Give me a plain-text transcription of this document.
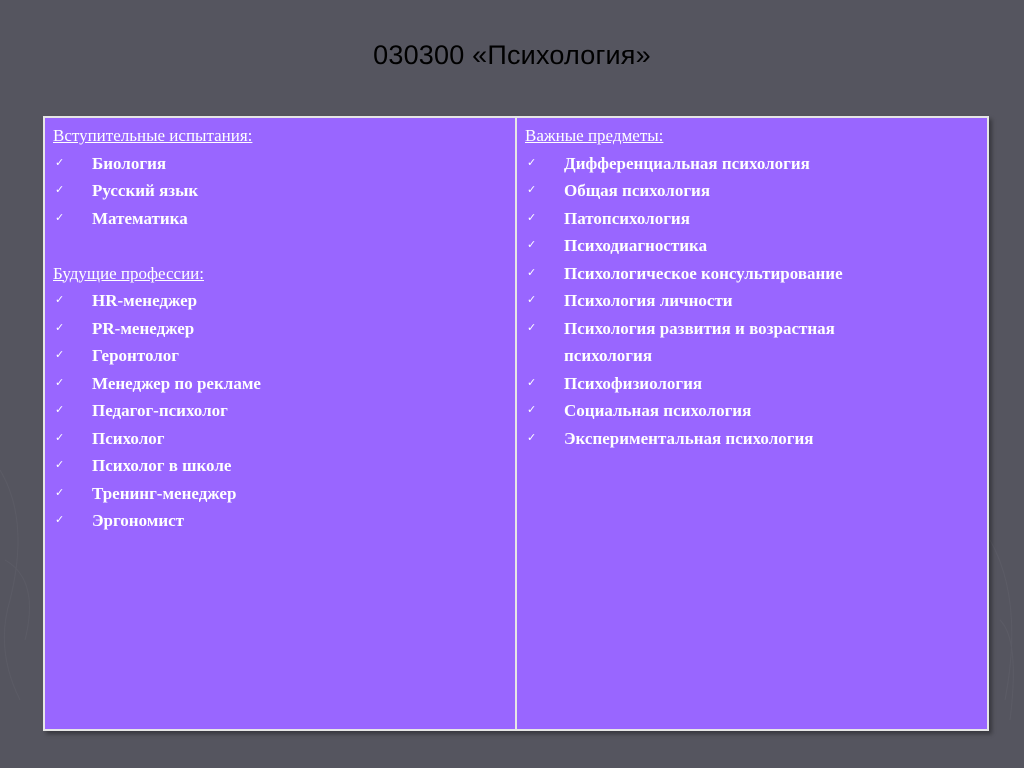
030300 «Психология»
Вступительные испытания:
✓ Биология
✓ Русский язык
✓ Математика
Будущие профессии:
✓ HR-менеджер
✓ PR-менеджер
✓ Геронтолог
✓ Менеджер по рекламе
✓ Педагог-психолог
✓ Психолог
✓ Психолог в школе
✓ Тренинг-менеджер
✓ Эргономист
Важные предметы:
✓ Дифференциальная психология
✓ Общая психология
✓ Патопсихология
✓ Психодиагностика
✓ Психологическое консультирование
✓ Психология личности
✓ Психология развития и возрастная психология
✓ Психофизиология
✓ Социальная психология
✓ Экспериментальная психология
